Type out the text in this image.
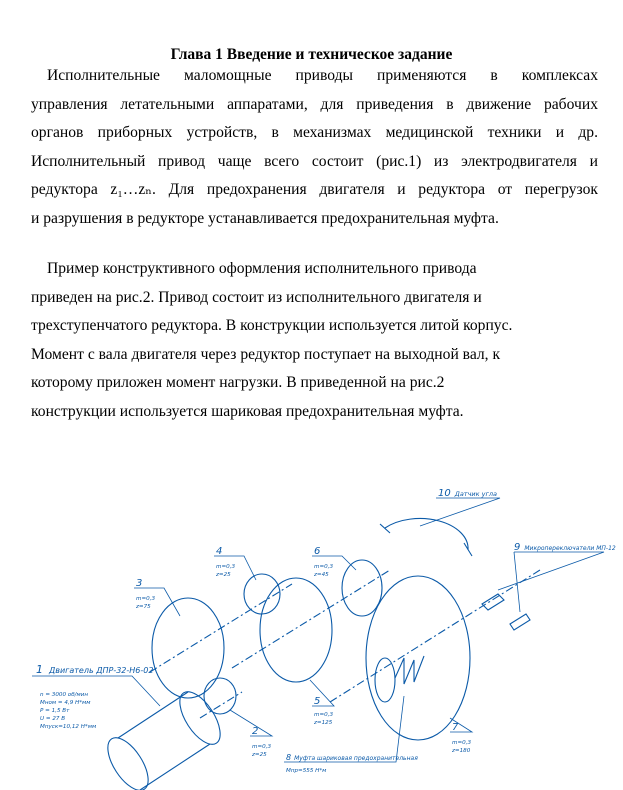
Глава 1 Введение и техническое задание
Исполнительные маломощные приводы применяются в комплексах
управления летательными аппаратами, для приведения в движение рабочих
органов приборных устройств, в механизмах медицинской техники и др.
Исполнительный привод чаще всего состоит (рис.1) из электродвигателя и
редуктора z₁…zₙ. Для предохранения двигателя и редуктора от перегрузок
и разрушения в редукторе устанавливается предохранительная муфта.
Пример конструктивного оформления исполнительного привода
приведен на рис.2. Привод состоит из исполнительного двигателя и
трехступенчатого редуктора. В конструкции используется литой корпус.
Момент с вала двигателя через редуктор поступает на выходной вал, к
которому приложен момент нагрузки. В приведенной на рис.2
конструкции используется шариковая предохранительная муфта.
1 Двигатель ДПР-32-Н6-02
n = 3000 об/мин
Мном = 4,9 Н*мм
P = 1,5 Вт
U = 27 В
Мпуск=10,12 Н*мм
3
m=0,3
z=75
4
m=0,3
z=25
6
m=0,3
z=45
5
m=0,3
z=125
2
m=0,3
z=25
7
m=0,3
z=180
8 Муфта шариковая предохранительная
Мпр=555 Н*м
9 Микропереключатели МП-12
10 Датчик угла
